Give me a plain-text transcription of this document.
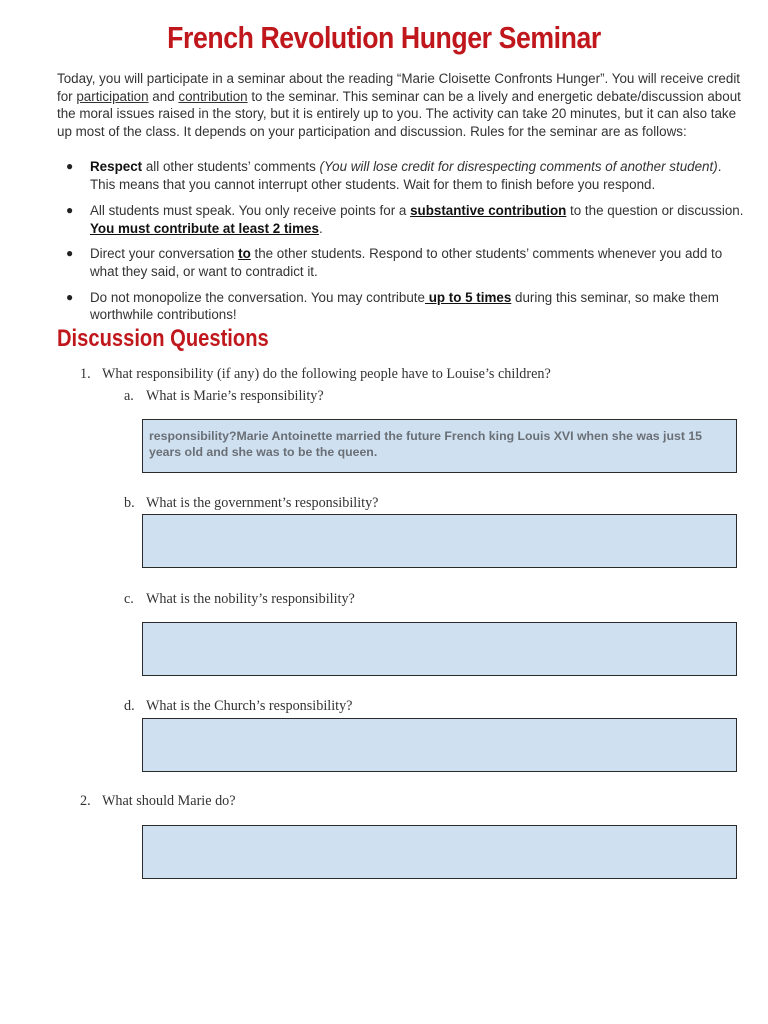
French Revolution Hunger Seminar
Today, you will participate in a seminar about the reading “Marie Cloisette Confronts Hunger”. You will receive credit for participation and contribution to the seminar. This seminar can be a lively and energetic debate/discussion about the moral issues raised in the story, but it is entirely up to you. The activity can take 20 minutes, but it can also take up most of the class. It depends on your participation and discussion. Rules for the seminar are as follows:
● Respect all other students’ comments (You will lose credit for disrespecting comments of another student). This means that you cannot interrupt other students. Wait for them to finish before you respond.
● All students must speak. You only receive points for a substantive contribution to the question or discussion. You must contribute at least 2 times.
● Direct your conversation to the other students. Respond to other students’ comments whenever you add to what they said, or want to contradict it.
● Do not monopolize the conversation. You may contribute up to 5 times during this seminar, so make them worthwhile contributions!
Discussion Questions
1. What responsibility (if any) do the following people have to Louise’s children?
a. What is Marie’s responsibility?
responsibility?Marie Antoinette married the future French king Louis XVI when she was just 15 years old and she was to be the queen.
b. What is the government’s responsibility?
c. What is the nobility’s responsibility?
d. What is the Church’s responsibility?
2. What should Marie do?
